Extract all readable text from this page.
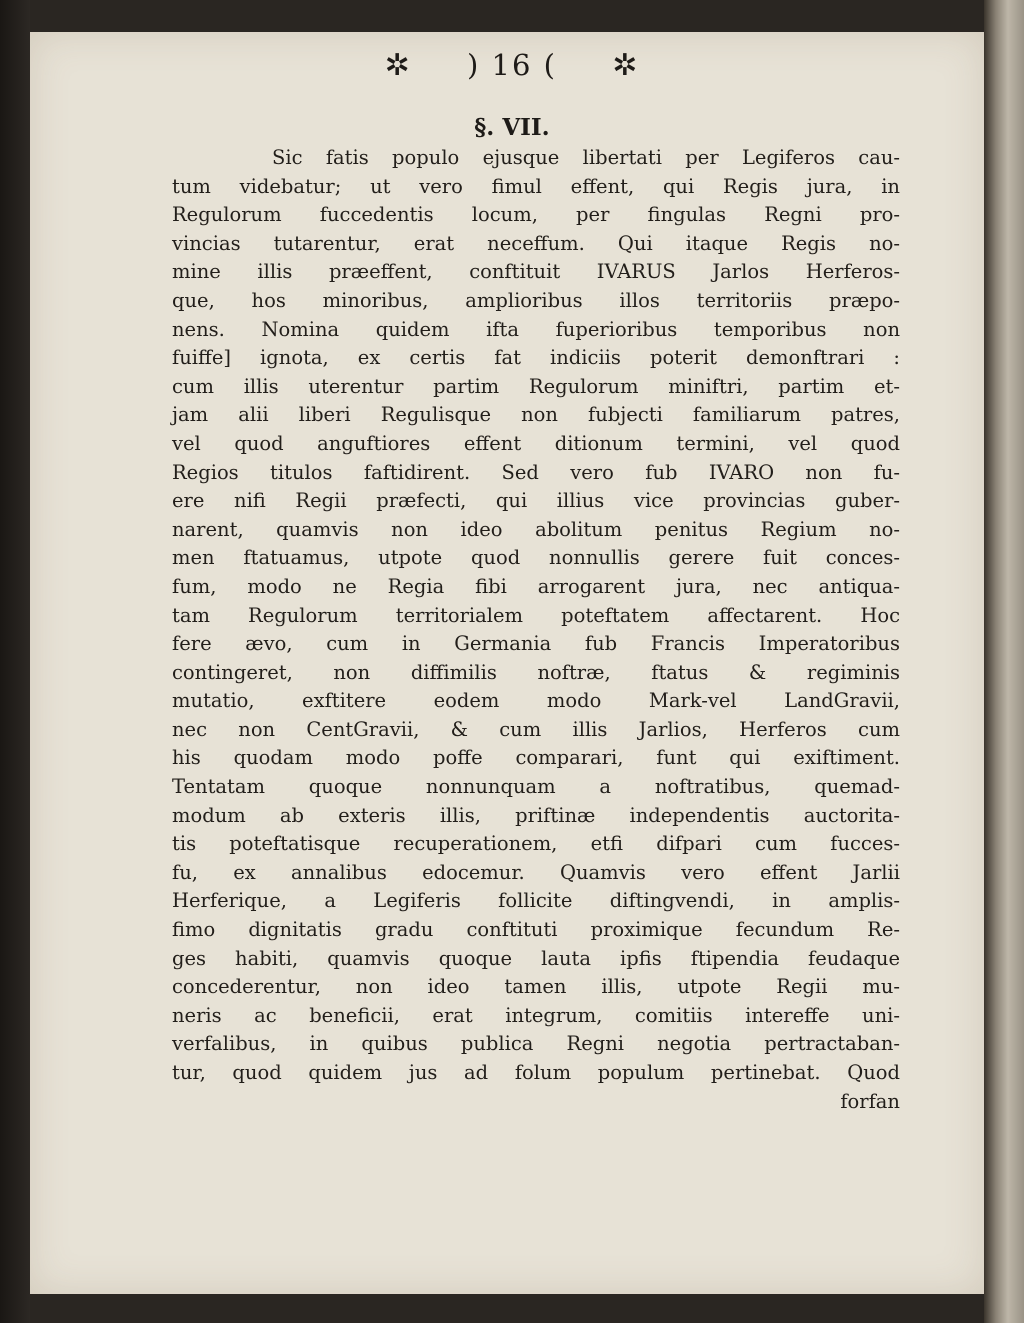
✲ ) 16 ( ✲
§. VII.
Sic fatis populo ejusque libertati per Legiferos cau-
tum videbatur; ut vero fimul effent, qui Regis jura, in
Regulorum fuccedentis locum, per fingulas Regni pro-
vincias tutarentur, erat neceffum. Qui itaque Regis no-
mine illis præeffent, conftituit IVARUS Jarlos Herferos-
que, hos minoribus, amplioribus illos territoriis præpo-
nens. Nomina quidem ifta fuperioribus temporibus non
fuiffe] ignota, ex certis fat indiciis poterit demonftrari :
cum illis uterentur partim Regulorum miniftri, partim et-
jam alii liberi Regulisque non fubjecti familiarum patres,
vel quod anguftiores effent ditionum termini, vel quod
Regios titulos faftidirent. Sed vero fub IVARO non fu-
ere nifi Regii præfecti, qui illius vice provincias guber-
narent, quamvis non ideo abolitum penitus Regium no-
men ftatuamus, utpote quod nonnullis gerere fuit conces-
fum, modo ne Regia fibi arrogarent jura, nec antiqua-
tam Regulorum territorialem poteftatem affectarent. Hoc
fere ævo, cum in Germania fub Francis Imperatoribus
contingeret, non diffimilis noftræ, ftatus & regiminis
mutatio, exftitere eodem modo Mark-vel LandGravii,
nec non CentGravii, & cum illis Jarlios, Herferos cum
his quodam modo poffe comparari, funt qui exiftiment.
Tentatam quoque nonnunquam a noftratibus, quemad-
modum ab exteris illis, priftinæ independentis auctorita-
tis poteftatisque recuperationem, etfi difpari cum fucces-
fu, ex annalibus edocemur. Quamvis vero effent Jarlii
Herferique, a Legiferis follicite diftingvendi, in amplis-
fimo dignitatis gradu conftituti proximique fecundum Re-
ges habiti, quamvis quoque lauta ipfis ftipendia feudaque
concederentur, non ideo tamen illis, utpote Regii mu-
neris ac beneficii, erat integrum, comitiis intereffe uni-
verfalibus, in quibus publica Regni negotia pertractaban-
tur, quod quidem jus ad folum populum pertinebat. Quod
forfan
